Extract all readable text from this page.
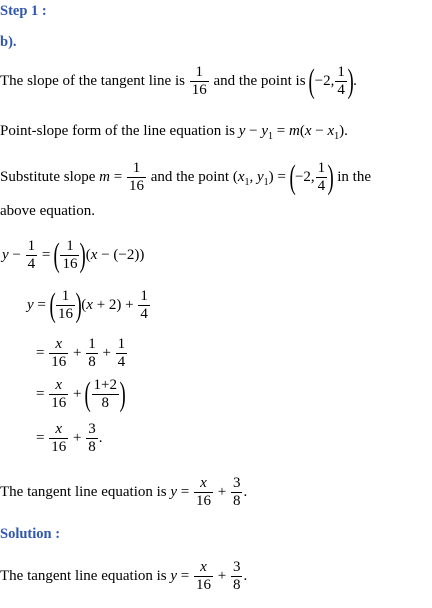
Step 1 :
b).
The slope of the tangent line is $\frac{1}{16}$ and the point is (−2, $\frac{1}{4}$ ).
Point-slope form of the line equation is $y - y_1 = m(x - x_1)$.
Substitute slope $m = \frac{1}{16}$ and the point ($x_1$, $y_1) = (-2$, $\frac{1}{4}$ ) in the
above equation.
$y - \frac{1}{4}$ = ( $\frac{1}{16} )(x - (-2))$
y = ( $\frac{1}{16} )(x + 2) + \frac{1}{4}$
= $\frac{x}{16} + \frac{1}{8} + \frac{1}{4}$
= $\frac{x}{16}$ + ( $\frac{1+2}{8}$ )
= $\frac{x}{16} + \frac{3}{8}$ .
The tangent line equation is $y = \frac{x}{16} + \frac{3}{8}$ .
Solution :
The tangent line equation is $y = \frac{x}{16} + \frac{3}{8}$ .
